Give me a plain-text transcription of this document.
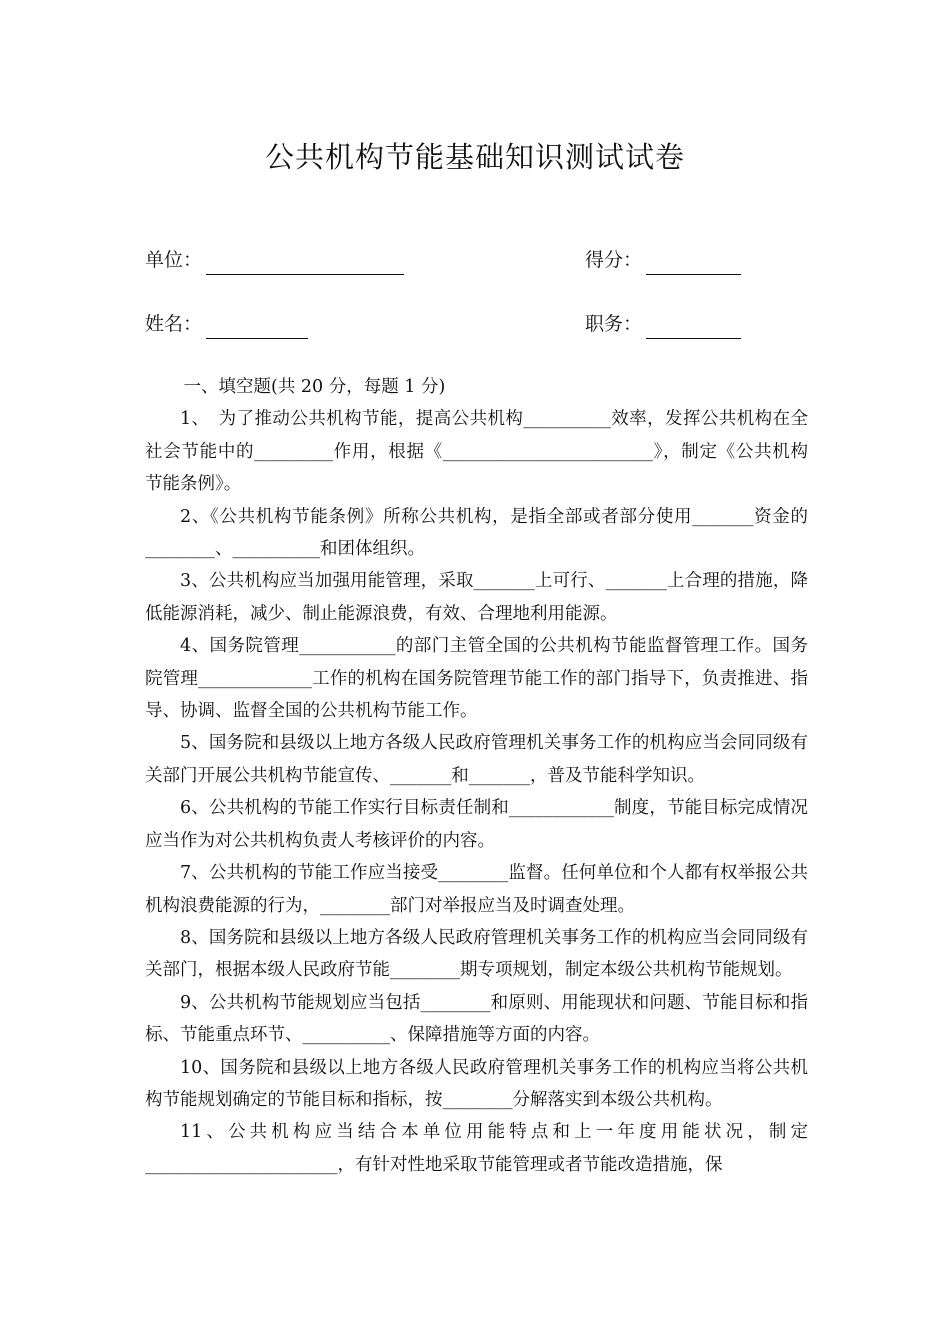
公共机构节能基础知识测试试卷
单位：	得分：
姓名：	职务：

一、填空题(共 20 分，每题 1 分)

1、　为了推动公共机构节能，提高公共机构__________效率，发挥公共机构在全社会节能中的_________作用，根据《________________________》，制定《公共机构节能条例》。

2、《公共机构节能条例》所称公共机构，是指全部或者部分使用_______资金的________、__________和团体组织。

3、公共机构应当加强用能管理，采取_______上可行、_______上合理的措施，降低能源消耗，减少、制止能源浪费，有效、合理地利用能源。

4、国务院管理___________的部门主管全国的公共机构节能监督管理工作。国务院管理_____________工作的机构在国务院管理节能工作的部门指导下，负责推进、指导、协调、监督全国的公共机构节能工作。

5、国务院和县级以上地方各级人民政府管理机关事务工作的机构应当会同同级有关部门开展公共机构节能宣传、_______和_______，普及节能科学知识。

6、公共机构的节能工作实行目标责任制和____________制度，节能目标完成情况应当作为对公共机构负责人考核评价的内容。

7、公共机构的节能工作应当接受________监督。任何单位和个人都有权举报公共机构浪费能源的行为，________部门对举报应当及时调查处理。

8、国务院和县级以上地方各级人民政府管理机关事务工作的机构应当会同同级有关部门，根据本级人民政府节能________期专项规划，制定本级公共机构节能规划。

9、公共机构节能规划应当包括________和原则、用能现状和问题、节能目标和指标、节能重点环节、__________、保障措施等方面的内容。

10、国务院和县级以上地方各级人民政府管理机关事务工作的机构应当将公共机构节能规划确定的节能目标和指标，按________分解落实到本级公共机构。

11、公共机构应当结合本单位用能特点和上一年度用能状况，制定______________________，有针对性地采取节能管理或者节能改造措施，保
